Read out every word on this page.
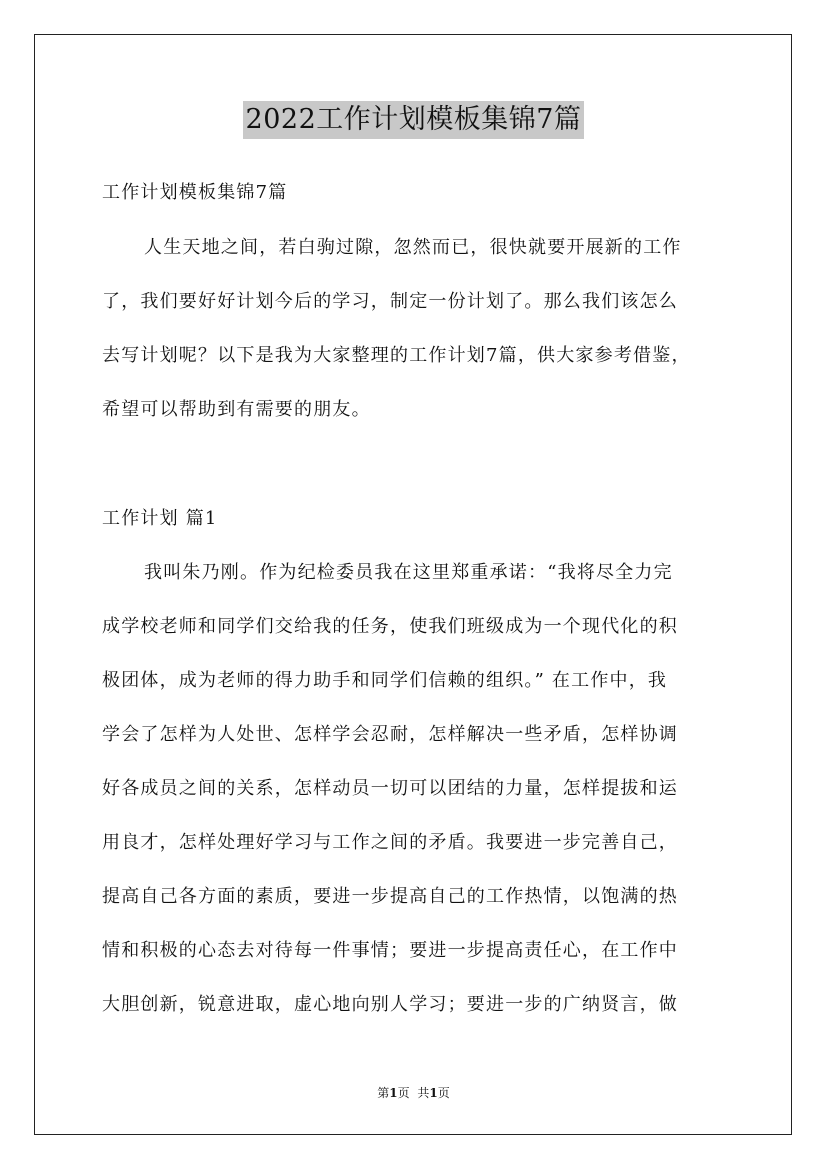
2022工作计划模板集锦7篇
工作计划模板集锦7篇
人生天地之间，若白驹过隙，忽然而已，很快就要开展新的工作
了，我们要好好计划今后的学习，制定一份计划了。那么我们该怎么
去写计划呢？以下是我为大家整理的工作计划7篇，供大家参考借鉴，
希望可以帮助到有需要的朋友。
工作计划 篇1
我叫朱乃刚。作为纪检委员我在这里郑重承诺：“我将尽全力完
成学校老师和同学们交给我的任务，使我们班级成为一个现代化的积
极团体，成为老师的得力助手和同学们信赖的组织。” 在工作中，我
学会了怎样为人处世、怎样学会忍耐，怎样解决一些矛盾，怎样协调
好各成员之间的关系，怎样动员一切可以团结的力量，怎样提拔和运
用良才，怎样处理好学习与工作之间的矛盾。我要进一步完善自己，
提高自己各方面的素质，要进一步提高自己的工作热情，以饱满的热
情和积极的心态去对待每一件事情；要进一步提高责任心，在工作中
大胆创新，锐意进取，虚心地向别人学习；要进一步的广纳贤言，做
第1页 共1页
